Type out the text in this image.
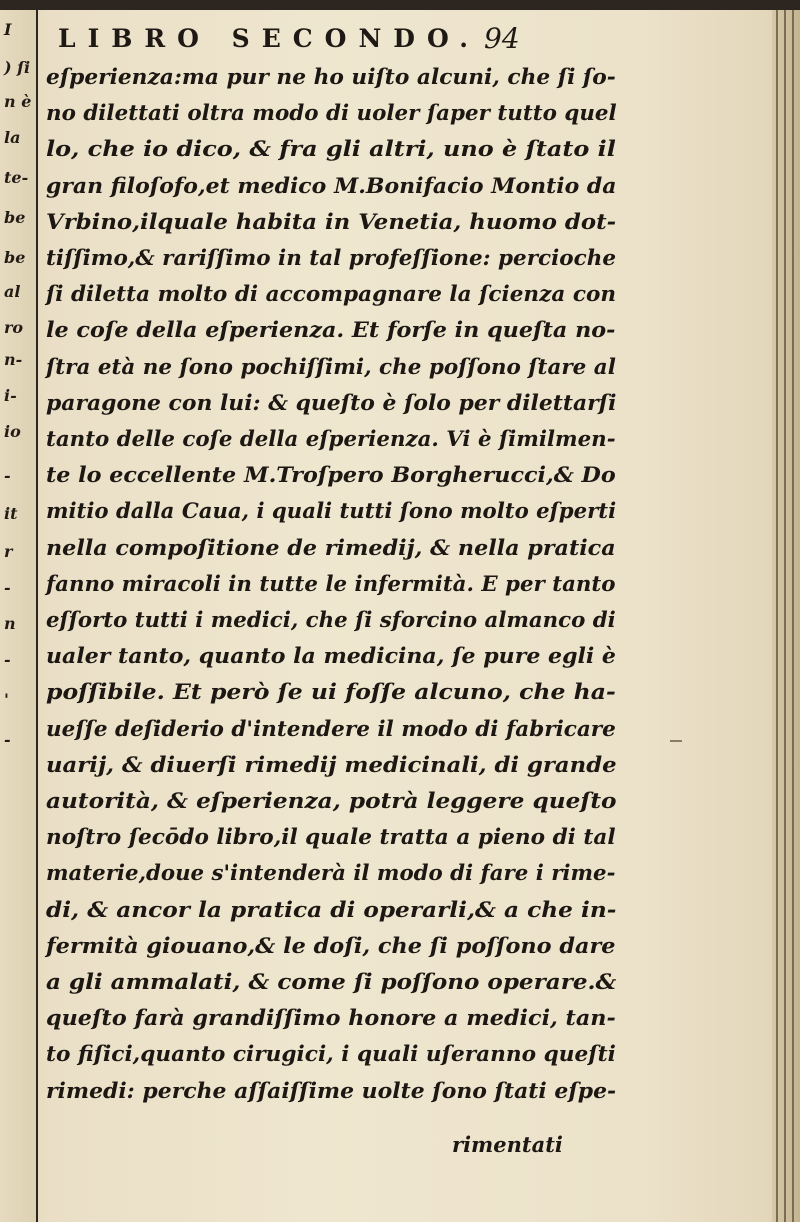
I
) ſi
n è
la
te-
be
be
al
ro
n-
i-
io
-
it
r
-
n
-
'
-
LIBRO SECONDO. 94
eſperienza:ma pur ne ho uiſto alcuni, che ſi ſo-
no dilettati oltra modo di uoler ſaper tutto quel
lo, che io dico, & fra gli altri, uno è ſtato il
gran filoſofo,et medico M.Bonifacio Montio da
Vrbino,ilquale habita in Venetia, huomo dot-
tiſſimo,& rariſſimo in tal profeſſione: percioche
ſi diletta molto di accompagnare la ſcienza con
le coſe della eſperienza. Et forſe in queſta no-
ſtra età ne ſono pochiſſimi, che poſſono ſtare al
paragone con lui: & queſto è ſolo per dilettarſi
tanto delle coſe della eſperienza. Vi è ſimilmen-
te lo eccellente M.Troſpero Borgherucci,& Do
mitio dalla Caua, i quali tutti ſono molto eſperti
nella compoſitione de rimedij, & nella pratica
fanno miracoli in tutte le infermità. E per tanto
eſſorto tutti i medici, che ſi sforcino almanco di
ualer tanto, quanto la medicina, ſe pure egli è
poſſibile. Et però ſe ui foſſe alcuno, che ha-
ueſſe deſiderio d'intendere il modo di fabricare
uarij, & diuerſi rimedij medicinali, di grande
autorità, & eſperienza, potrà leggere queſto
noſtro ſecōdo libro,il quale tratta a pieno di tal
materie,doue s'intenderà il modo di fare i rime-
di, & ancor la pratica di operarli,& a che in-
fermità giouano,& le doſi, che ſi poſſono dare
a gli ammalati, & come ſi poſſono operare.&
queſto farà grandiſſimo honore a medici, tan-
to fiſici,quanto cirugici, i quali uſeranno queſti
rimedi: perche aſſaiſſime uolte ſono ſtati eſpe-
rimentati
